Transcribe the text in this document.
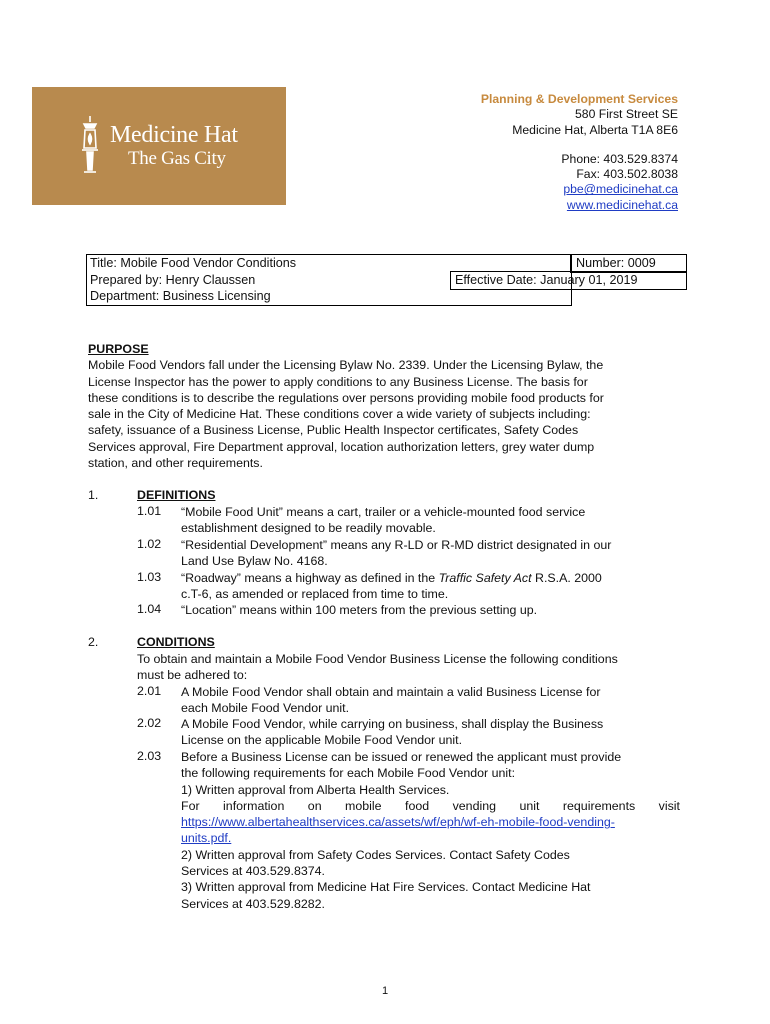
Medicine Hat
The Gas City
Planning & Development Services
580 First Street SE
Medicine Hat, Alberta T1A 8E6
Phone: 403.529.8374
Fax: 403.502.8038
pbe@medicinehat.ca
www.medicinehat.ca
Title: Mobile Food Vendor Conditions	Number: 0009
Prepared by: Henry Claussen	Effective Date: January 01, 2019
Department: Business Licensing
PURPOSE
Mobile Food Vendors fall under the Licensing Bylaw No. 2339. Under the Licensing Bylaw, the
License Inspector has the power to apply conditions to any Business License. The basis for
these conditions is to describe the regulations over persons providing mobile food products for
sale in the City of Medicine Hat. These conditions cover a wide variety of subjects including:
safety, issuance of a Business License, Public Health Inspector certificates, Safety Codes
Services approval, Fire Department approval, location authorization letters, grey water dump
station, and other requirements.
1.	DEFINITIONS
1.01 “Mobile Food Unit” means a cart, trailer or a vehicle-mounted food service
establishment designed to be readily movable.
1.02 “Residential Development” means any R-LD or R-MD district designated in our
Land Use Bylaw No. 4168.
1.03 “Roadway” means a highway as defined in the Traffic Safety Act R.S.A. 2000
c.T-6, as amended or replaced from time to time.
1.04 “Location” means within 100 meters from the previous setting up.
2.	CONDITIONS
To obtain and maintain a Mobile Food Vendor Business License the following conditions
must be adhered to:
2.01 A Mobile Food Vendor shall obtain and maintain a valid Business License for
each Mobile Food Vendor unit.
2.02 A Mobile Food Vendor, while carrying on business, shall display the Business
License on the applicable Mobile Food Vendor unit.
2.03 Before a Business License can be issued or renewed the applicant must provide
the following requirements for each Mobile Food Vendor unit:
1) Written approval from Alberta Health Services.
For information on mobile food vending unit requirements visit
https://www.albertahealthservices.ca/assets/wf/eph/wf-eh-mobile-food-vending-
units.pdf.
2) Written approval from Safety Codes Services. Contact Safety Codes
Services at 403.529.8374.
3) Written approval from Medicine Hat Fire Services. Contact Medicine Hat
Services at 403.529.8282.
1
